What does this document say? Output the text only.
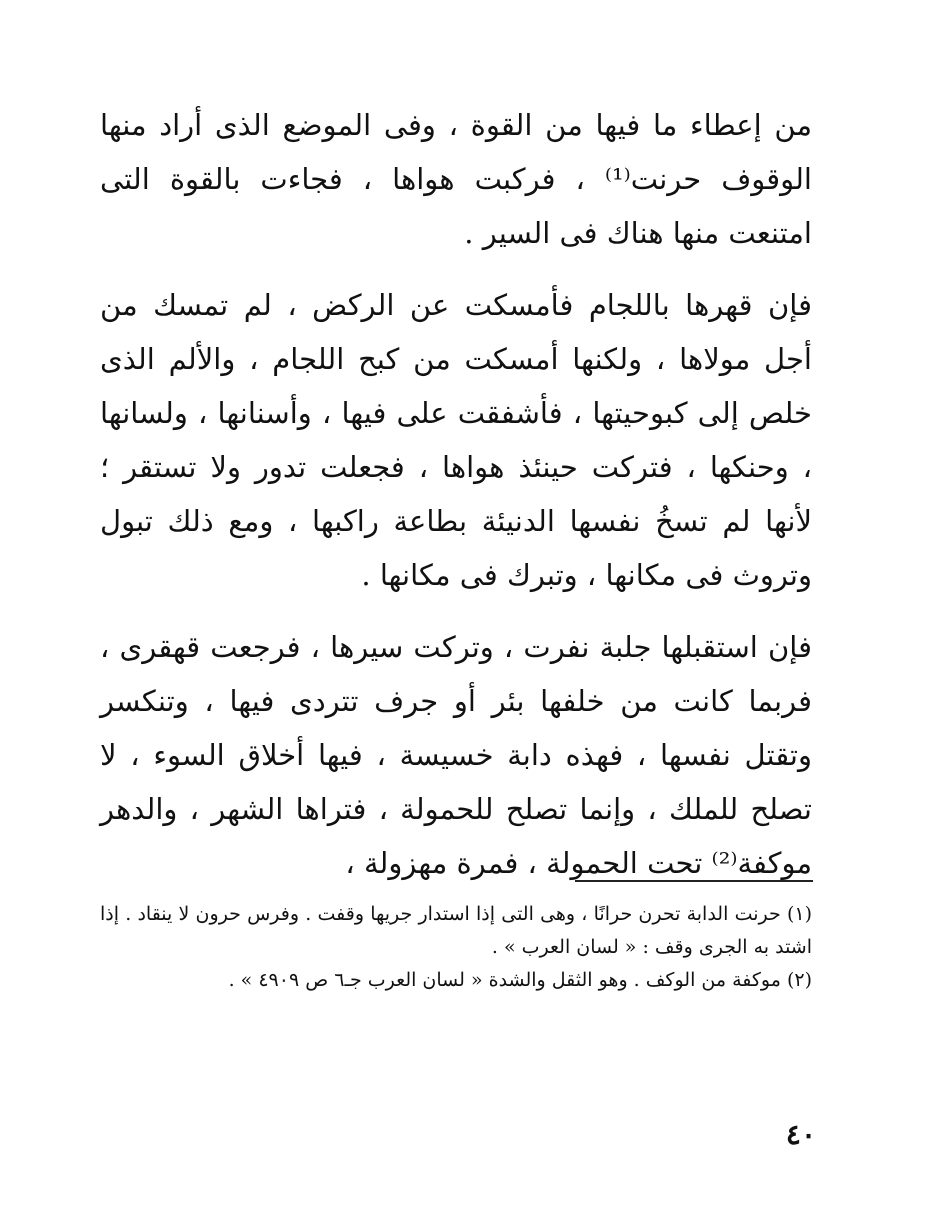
من إعطاء ما فيها من القوة ، وفى الموضع الذى أراد منها الوقوف حرنت⁽¹⁾ ، فركبت هواها ، فجاءت بالقوة التى امتنعت منها هناك فى السير .

فإن قهرها باللجام فأمسكت عن الركض ، لم تمسك من أجل مولاها ، ولكنها أمسكت من كبح اللجام ، والألم الذى خلص إلى كبوحيتها ، فأشفقت على فيها ، وأسنانها ، ولسانها ، وحنكها ، فتركت حينئذ هواها ، فجعلت تدور ولا تستقر ؛ لأنها لم تسخُ نفسها الدنيئة بطاعة راكبها ، ومع ذلك تبول وتروث فى مكانها ، وتبرك فى مكانها .

فإن استقبلها جلبة نفرت ، وتركت سيرها ، فرجعت قهقرى ، فربما كانت من خلفها بئر أو جرف تتردى فيها ، وتنكسر وتقتل نفسها ، فهذه دابة خسيسة ، فيها أخلاق السوء ، لا تصلح للملك ، وإنما تصلح للحمولة ، فتراها الشهر ، والدهر موكفة⁽²⁾ تحت الحمولة ، فمرة مهزولة ،

(١) حرنت الدابة تحرن حرانًا ، وهى التى إذا استدار جريها وقفت . وفرس حرون لا ينقاد . إذا اشتد به الجرى وقف : « لسان العرب » .

(٢) موكفة من الوكف . وهو الثقل والشدة « لسان العرب جـ٦ ص ٤٩٠٩ » .

٤٠
